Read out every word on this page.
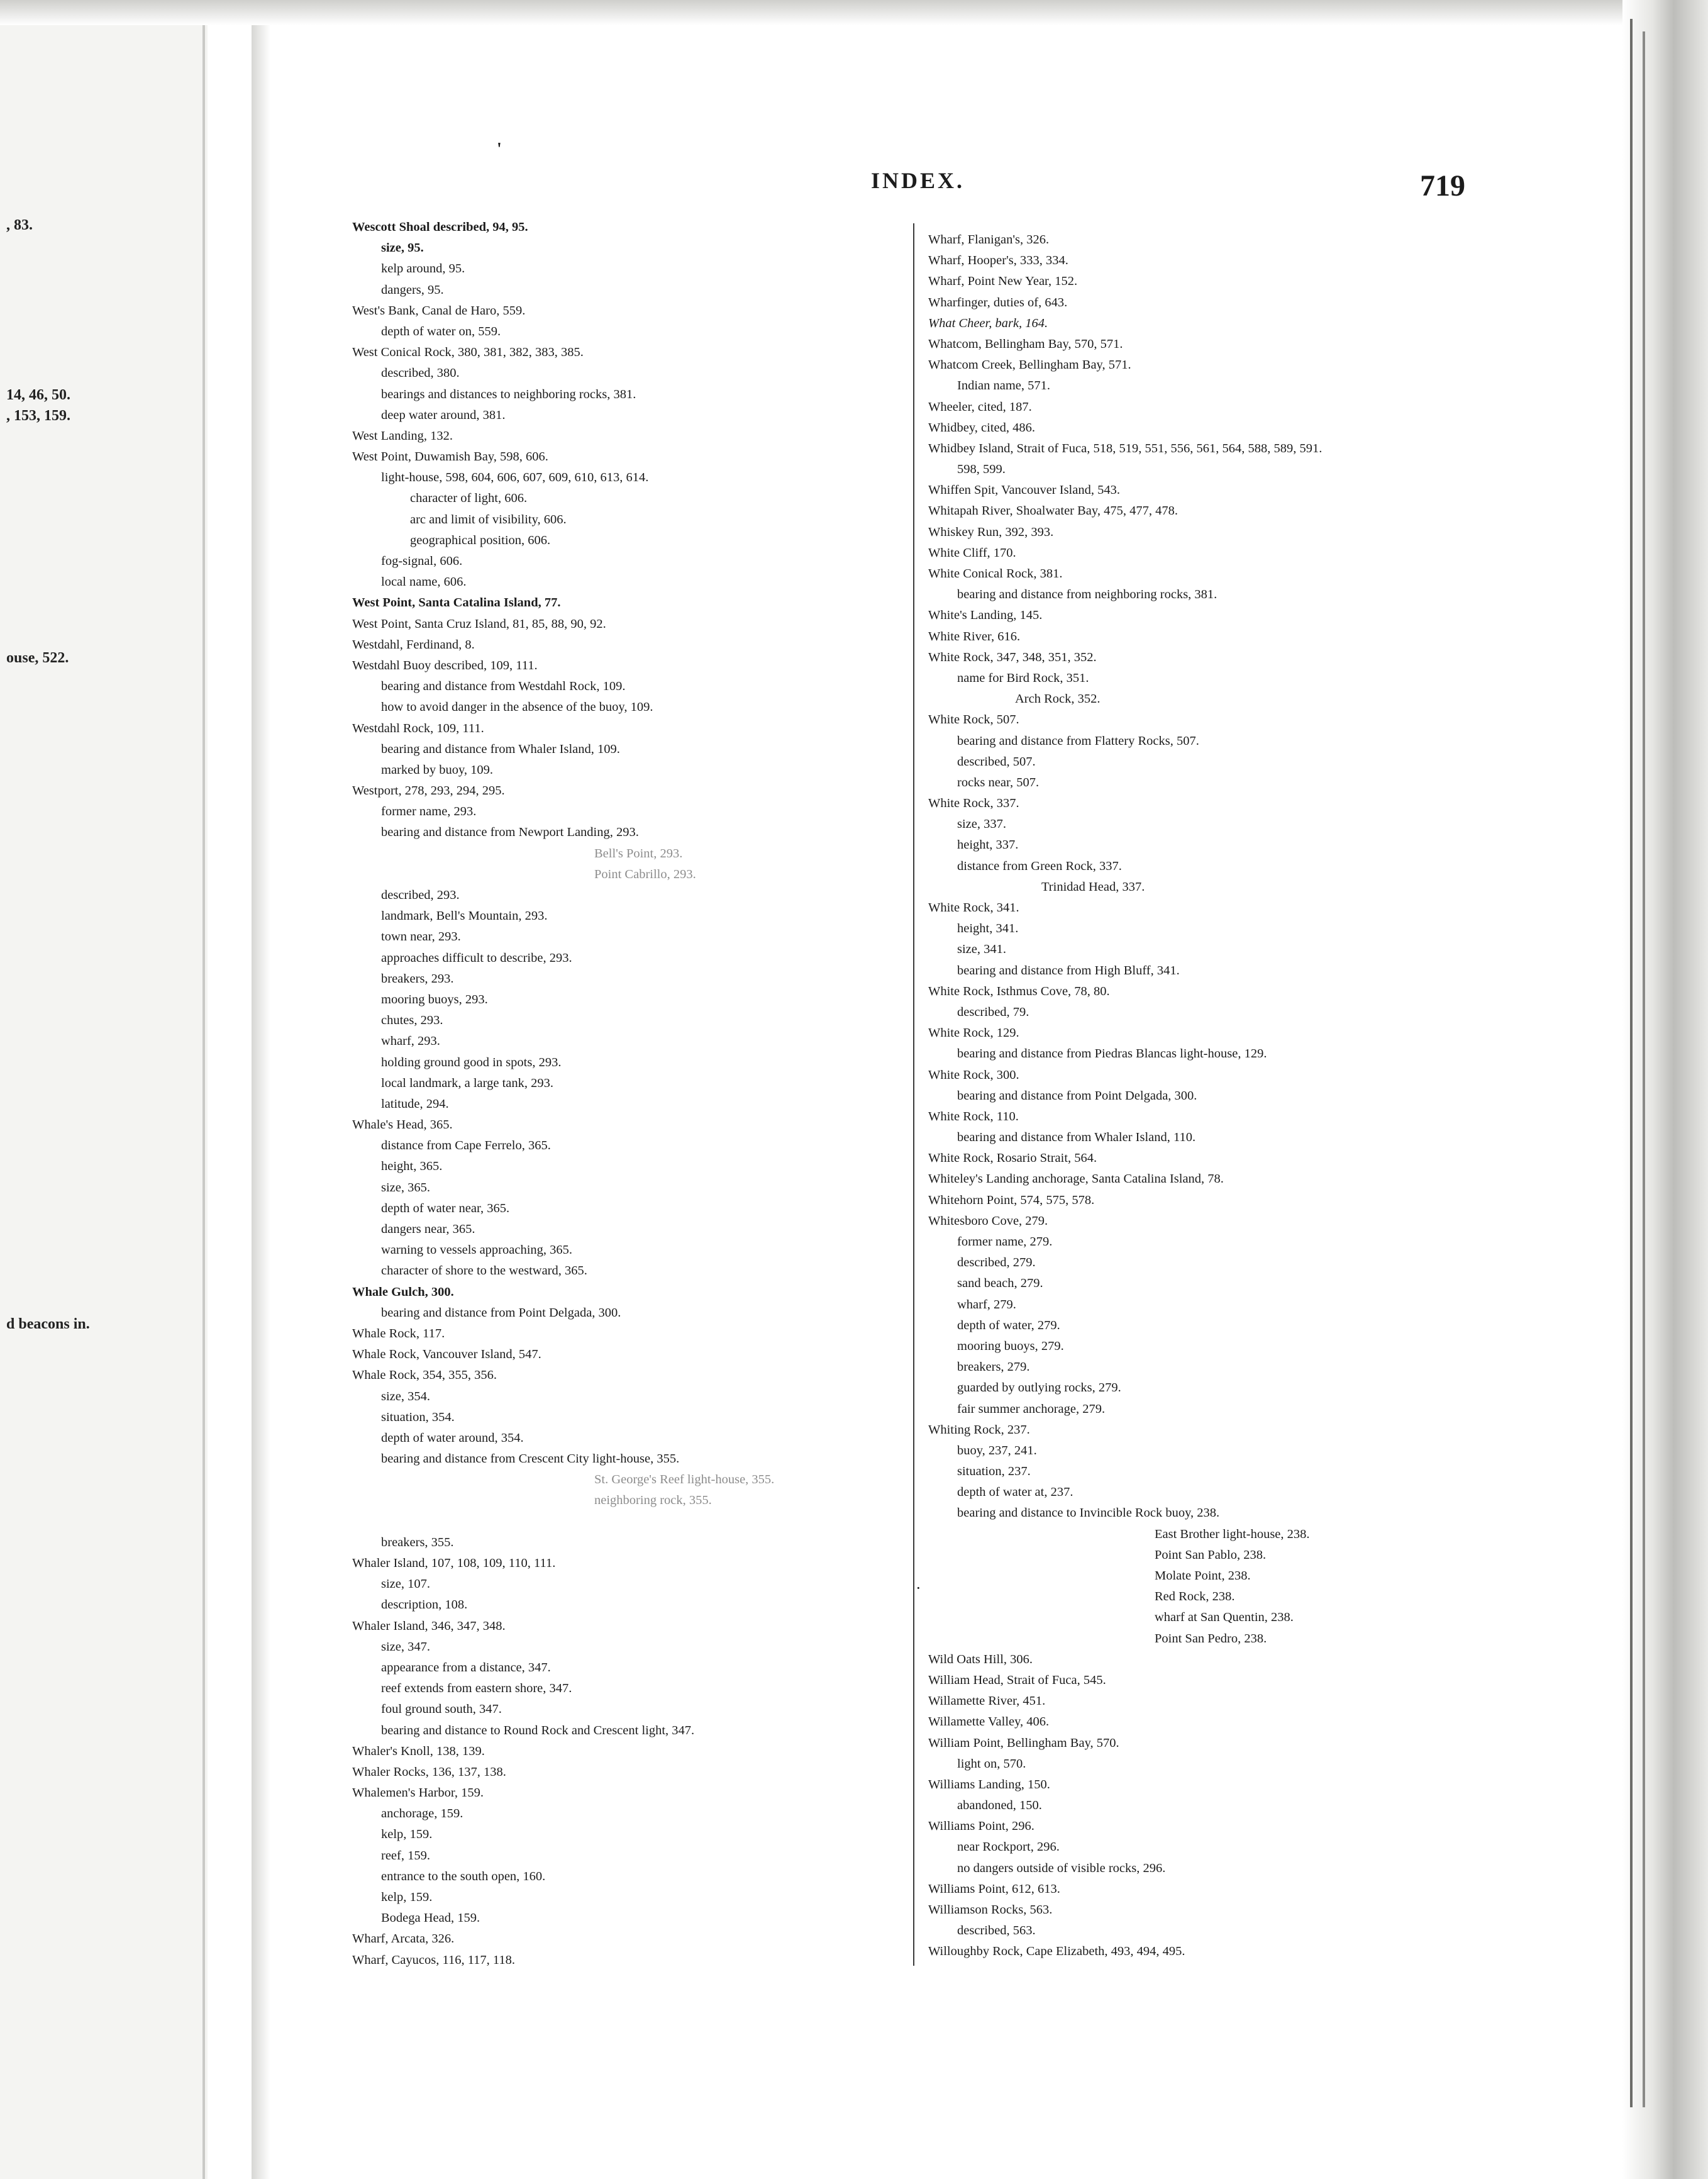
, 83.
14, 46, 50.
, 153, 159.
ouse, 522.
d beacons in.
'
INDEX.	719
·
Wescott Shoal described, 94, 95.
size, 95.
kelp around, 95.
dangers, 95.
West's Bank, Canal de Haro, 559.
depth of water on, 559.
West Conical Rock, 380, 381, 382, 383, 385.
described, 380.
bearings and distances to neighboring rocks, 381.
deep water around, 381.
West Landing, 132.
West Point, Duwamish Bay, 598, 606.
light-house, 598, 604, 606, 607, 609, 610, 613, 614.
character of light, 606.
arc and limit of visibility, 606.
geographical position, 606.
fog-signal, 606.
local name, 606.
West Point, Santa Catalina Island, 77.
West Point, Santa Cruz Island, 81, 85, 88, 90, 92.
Westdahl, Ferdinand, 8.
Westdahl Buoy described, 109, 111.
bearing and distance from Westdahl Rock, 109.
how to avoid danger in the absence of the buoy, 109.
Westdahl Rock, 109, 111.
bearing and distance from Whaler Island, 109.
marked by buoy, 109.
Westport, 278, 293, 294, 295.
former name, 293.
bearing and distance from Newport Landing, 293.
Bell's Point, 293.
Point Cabrillo, 293.
described, 293.
landmark, Bell's Mountain, 293.
town near, 293.
approaches difficult to describe, 293.
breakers, 293.
mooring buoys, 293.
chutes, 293.
wharf, 293.
holding ground good in spots, 293.
local landmark, a large tank, 293.
latitude, 294.
Whale's Head, 365.
distance from Cape Ferrelo, 365.
height, 365.
size, 365.
depth of water near, 365.
dangers near, 365.
warning to vessels approaching, 365.
character of shore to the westward, 365.
Whale Gulch, 300.
bearing and distance from Point Delgada, 300.
Whale Rock, 117.
Whale Rock, Vancouver Island, 547.
Whale Rock, 354, 355, 356.
size, 354.
situation, 354.
depth of water around, 354.
bearing and distance from Crescent City light-house, 355.
St. George's Reef light-house, 355.
neighboring rock, 355.
breakers, 355.
Whaler Island, 107, 108, 109, 110, 111.
size, 107.
description, 108.
Whaler Island, 346, 347, 348.
size, 347.
appearance from a distance, 347.
reef extends from eastern shore, 347.
foul ground south, 347.
bearing and distance to Round Rock and Crescent light, 347.
Whaler's Knoll, 138, 139.
Whaler Rocks, 136, 137, 138.
Whalemen's Harbor, 159.
anchorage, 159.
kelp, 159.
reef, 159.
entrance to the south open, 160.
kelp, 159.
Bodega Head, 159.
Wharf, Arcata, 326.
Wharf, Cayucos, 116, 117, 118.
Wharf, Flanigan's, 326.
Wharf, Hooper's, 333, 334.
Wharf, Point New Year, 152.
Wharfinger, duties of, 643.
What Cheer, bark, 164.
Whatcom, Bellingham Bay, 570, 571.
Whatcom Creek, Bellingham Bay, 571.
Indian name, 571.
Wheeler, cited, 187.
Whidbey, cited, 486.
Whidbey Island, Strait of Fuca, 518, 519, 551, 556, 561, 564, 588, 589, 591.
598, 599.
Whiffen Spit, Vancouver Island, 543.
Whitapah River, Shoalwater Bay, 475, 477, 478.
Whiskey Run, 392, 393.
White Cliff, 170.
White Conical Rock, 381.
bearing and distance from neighboring rocks, 381.
White's Landing, 145.
White River, 616.
White Rock, 347, 348, 351, 352.
name for Bird Rock, 351.
Arch Rock, 352.
White Rock, 507.
bearing and distance from Flattery Rocks, 507.
described, 507.
rocks near, 507.
White Rock, 337.
size, 337.
height, 337.
distance from Green Rock, 337.
Trinidad Head, 337.
White Rock, 341.
height, 341.
size, 341.
bearing and distance from High Bluff, 341.
White Rock, Isthmus Cove, 78, 80.
described, 79.
White Rock, 129.
bearing and distance from Piedras Blancas light-house, 129.
White Rock, 300.
bearing and distance from Point Delgada, 300.
White Rock, 110.
bearing and distance from Whaler Island, 110.
White Rock, Rosario Strait, 564.
Whiteley's Landing anchorage, Santa Catalina Island, 78.
Whitehorn Point, 574, 575, 578.
Whitesboro Cove, 279.
former name, 279.
described, 279.
sand beach, 279.
wharf, 279.
depth of water, 279.
mooring buoys, 279.
breakers, 279.
guarded by outlying rocks, 279.
fair summer anchorage, 279.
Whiting Rock, 237.
buoy, 237, 241.
situation, 237.
depth of water at, 237.
bearing and distance to Invincible Rock buoy, 238.
East Brother light-house, 238.
Point San Pablo, 238.
Molate Point, 238.
Red Rock, 238.
wharf at San Quentin, 238.
Point San Pedro, 238.
Wild Oats Hill, 306.
William Head, Strait of Fuca, 545.
Willamette River, 451.
Willamette Valley, 406.
William Point, Bellingham Bay, 570.
light on, 570.
Williams Landing, 150.
abandoned, 150.
Williams Point, 296.
near Rockport, 296.
no dangers outside of visible rocks, 296.
Williams Point, 612, 613.
Williamson Rocks, 563.
described, 563.
Willoughby Rock, Cape Elizabeth, 493, 494, 495.
